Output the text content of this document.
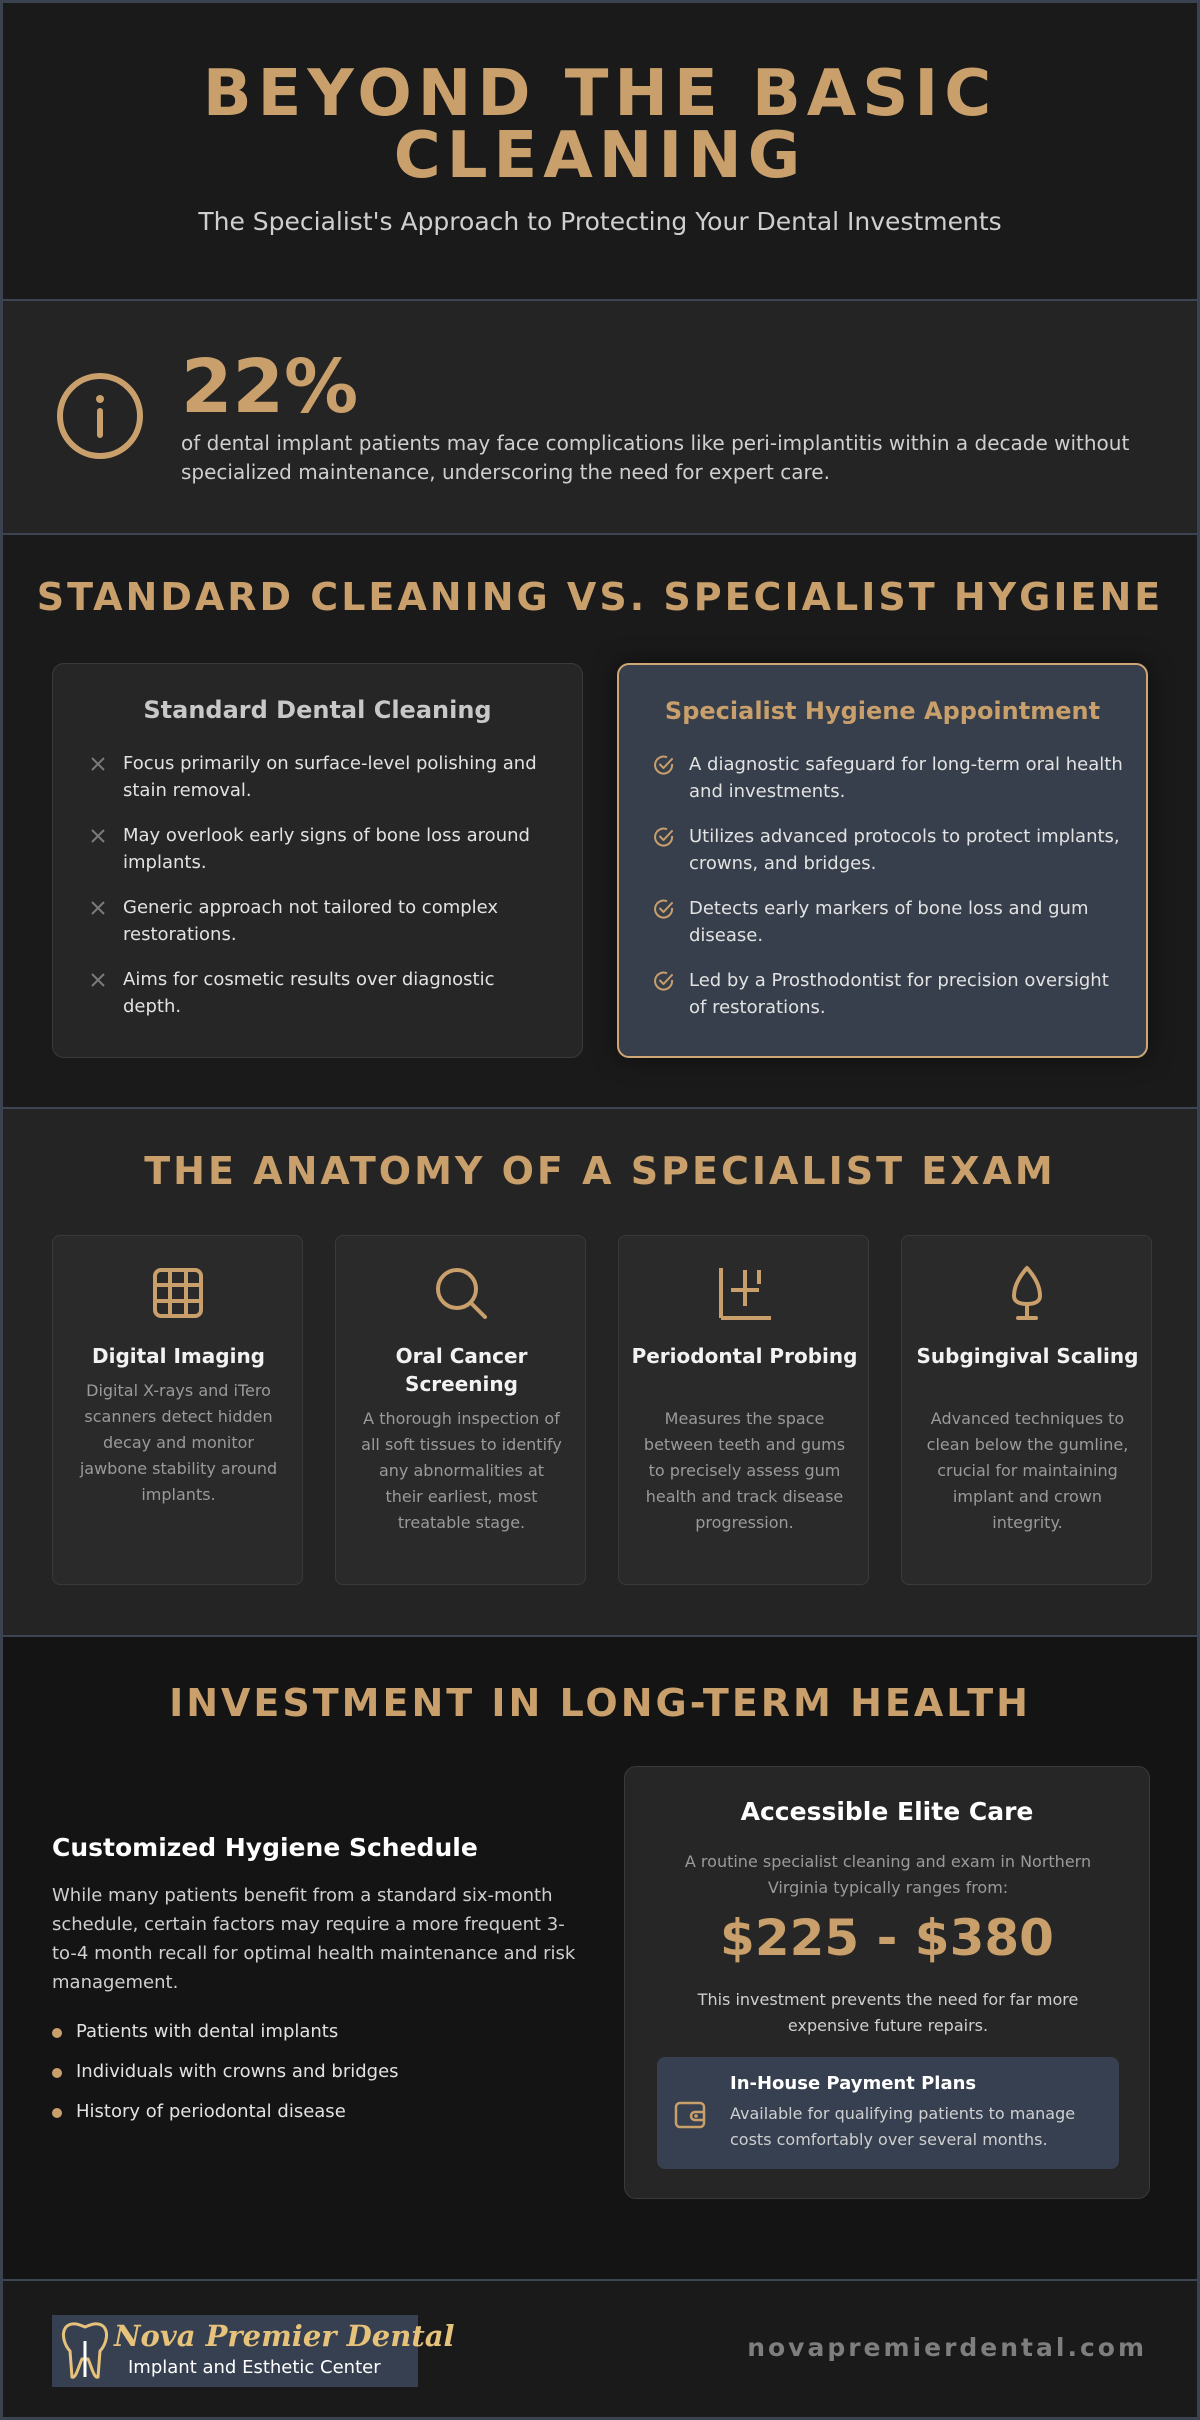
BEYOND THE BASIC CLEANING
The Specialist's Approach to Protecting Your Dental Investments
22%
of dental implant patients may face complications like peri-implantitis within a decade without specialized maintenance, underscoring the need for expert care.
STANDARD CLEANING VS. SPECIALIST HYGIENE
Standard Dental Cleaning
Focus primarily on surface-level polishing and stain removal.
May overlook early signs of bone loss around implants.
Generic approach not tailored to complex restorations.
Aims for cosmetic results over diagnostic depth.
Specialist Hygiene Appointment
A diagnostic safeguard for long-term oral health and investments.
Utilizes advanced protocols to protect implants, crowns, and bridges.
Detects early markers of bone loss and gum disease.
Led by a Prosthodontist for precision oversight of restorations.
THE ANATOMY OF A SPECIALIST EXAM
Digital Imaging
Digital X-rays and iTero scanners detect hidden decay and monitor jawbone stability around implants.
Oral Cancer Screening
A thorough inspection of all soft tissues to identify any abnormalities at their earliest, most treatable stage.
Periodontal Probing
Measures the space between teeth and gums to precisely assess gum health and track disease progression.
Subgingival Scaling
Advanced techniques to clean below the gumline, crucial for maintaining implant and crown integrity.
INVESTMENT IN LONG-TERM HEALTH
Customized Hygiene Schedule
While many patients benefit from a standard six-month schedule, certain factors may require a more frequent 3-to-4 month recall for optimal health maintenance and risk management.
Patients with dental implants
Individuals with crowns and bridges
History of periodontal disease
Accessible Elite Care
A routine specialist cleaning and exam in Northern Virginia typically ranges from:
$225 - $380
This investment prevents the need for far more expensive future repairs.
In-House Payment Plans
Available for qualifying patients to manage costs comfortably over several months.
Nova Premier Dental
Implant and Esthetic Center
novapremierdental.com
